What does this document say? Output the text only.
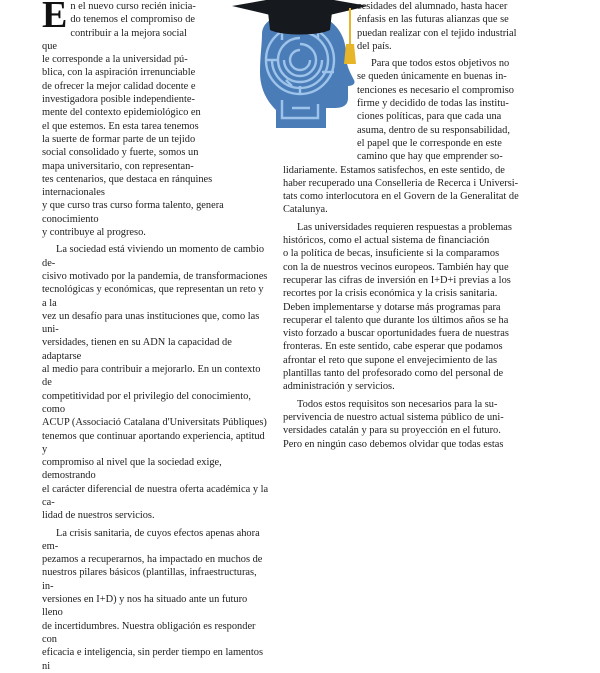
E n el nuevo curso recién inicia-

do tenemos el compromiso de

contribuir a la mejora social que

le corresponde a la universidad pú-

blica, con la aspiración irrenunciable

de ofrecer la mejor calidad docente e

investigadora posible independiente-

mente del contexto epidemiológico en

el que estemos. En esta tarea tenemos

la suerte de formar parte de un tejido

social consolidado y fuerte, somos un

mapa universitario, con representan-

tes centenarios, que destaca en ránquines internacionales

y que curso tras curso forma talento, genera conocimiento

y contribuye al progreso.

La sociedad está viviendo un momento de cambio de-

cisivo motivado por la pandemia, de transformaciones

tecnológicas y económicas, que representan un reto y a la

vez un desafío para unas instituciones que, como las uni-

versidades, tienen en su ADN la capacidad de adaptarse

al medio para contribuir a mejorarlo. En un contexto de

competitividad por el privilegio del conocimiento, como

ACUP (Associació Catalana d'Universitats Públiques)

tenemos que continuar aportando experiencia, aptitud y

compromiso al nivel que la sociedad exige, demostrando

el carácter diferencial de nuestra oferta académica y la ca-

lidad de nuestros servicios.

La crisis sanitaria, de cuyos efectos apenas ahora em-

pezamos a recuperarnos, ha impactado en muchos de

nuestros pilares básicos (plantillas, infraestructuras, in-

versiones en I+D) y nos ha situado ante un futuro lleno

de incertidumbres. Nuestra obligación es responder con

eficacia e inteligencia, sin perder tiempo en lamentos ni

cesidades del alumnado, hasta hacer

énfasis en las futuras alianzas que se

puedan realizar con el tejido industrial

del país.

Para que todos estos objetivos no

se queden únicamente en buenas in-

tenciones es necesario el compromiso

firme y decidido de todas las institu-

ciones políticas, para que cada una

asuma, dentro de su responsabilidad,

el papel que le corresponde en este

camino que hay que emprender so-

lidariamente. Estamos satisfechos, en este sentido, de

haber recuperado una Conselleria de Recerca i Universi-

tats como interlocutora en el Govern de la Generalitat de

Catalunya.

Las universidades requieren respuestas a problemas

históricos, como el actual sistema de financiación

o la política de becas, insuficiente si la comparamos

con la de nuestros vecinos europeos. También hay que

recuperar las cifras de inversión en I+D+i previas a los

recortes por la crisis económica y la crisis sanitaria.

Deben implementarse y dotarse más programas para

recuperar el talento que durante los últimos años se ha

visto forzado a buscar oportunidades fuera de nuestras

fronteras. En este sentido, cabe esperar que podamos

afrontar el reto que supone el envejecimiento de las

plantillas tanto del profesorado como del personal de

administración y servicios.

Todos estos requisitos son necesarios para la su-

pervivencia de nuestro actual sistema público de uni-

versidades catalán y para su proyección en el futuro.

Pero en ningún caso debemos olvidar que todas estas
